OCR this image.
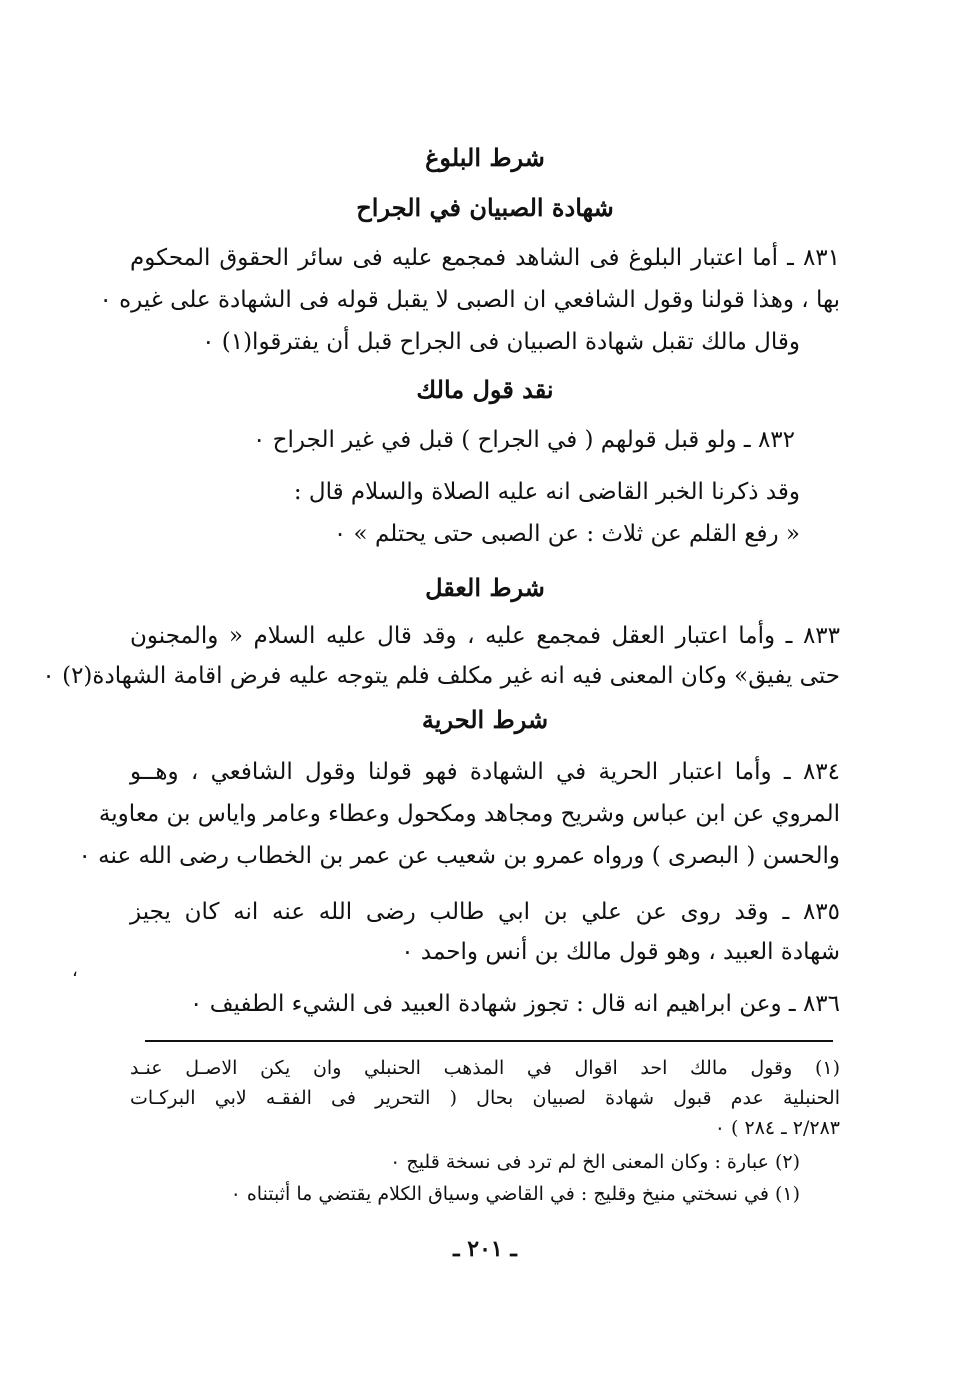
شرط البلوغ
شهادة الصبيان في الجراح
٨٣١ ـ أما اعتبار البلوغ فى الشاهد فمجمع عليه فى سائر الحقوق المحكوم
بها ، وهذا قولنا وقول الشافعي ان الصبى لا يقبل قوله فى الشهادة على غيره ٠
وقال مالك تقبل شهادة الصبيان فى الجراح قبل أن يفترقوا(١) ٠
نقد قول مالك
٨٣٢ ـ ولو قبل قولهم ( في الجراح ) قبل في غير الجراح ٠
وقد ذكرنا الخبر القاضى انه عليه الصلاة والسلام قال :
« رفع القلم عن ثلاث : عن الصبى حتى يحتلم » ٠
شرط العقل
٨٣٣ ـ وأما اعتبار العقل فمجمع عليه ، وقد قال عليه السلام « والمجنون
حتى يفيق» وكان المعنى فيه انه غير مكلف فلم يتوجه عليه فرض اقامة الشهادة(٢) ٠
شرط الحرية
٨٣٤ ـ وأما اعتبار الحرية في الشهادة فهو قولنا وقول الشافعي ، وهــو
المروي عن ابن عباس وشريح ومجاهد ومكحول وعطاء وعامر واياس بن معاوية
والحسن ( البصرى ) ورواه عمرو بن شعيب عن عمر بن الخطاب رضى الله عنه ٠
٨٣٥ ـ وقد روى عن علي بن ابي طالب رضى الله عنه انه كان يجيز
شهادة العبيد ، وهو قول مالك بن أنس واحمد ٠
٨٣٦ ـ وعن ابراهيم انه قال : تجوز شهادة العبيد فى الشيء الطفيف ٠
،
(١) وقول مالك احد اقوال في المذهب الحنبلي وان يكن الاصـل عنـد
الحنبلية عدم قبول شهادة لصبيان بحال ( التحرير فى الفقـه لابي البركـات
٢/٢٨٣ ـ ٢٨٤ ) ٠
(٢) عبارة : وكان المعنى الخ لم ترد فى نسخة قليج ٠
(١) في نسختي منيخ وقليج : في القاضي وسياق الكلام يقتضي ما أثبتناه ٠
ـ ٢٠١ ـ
